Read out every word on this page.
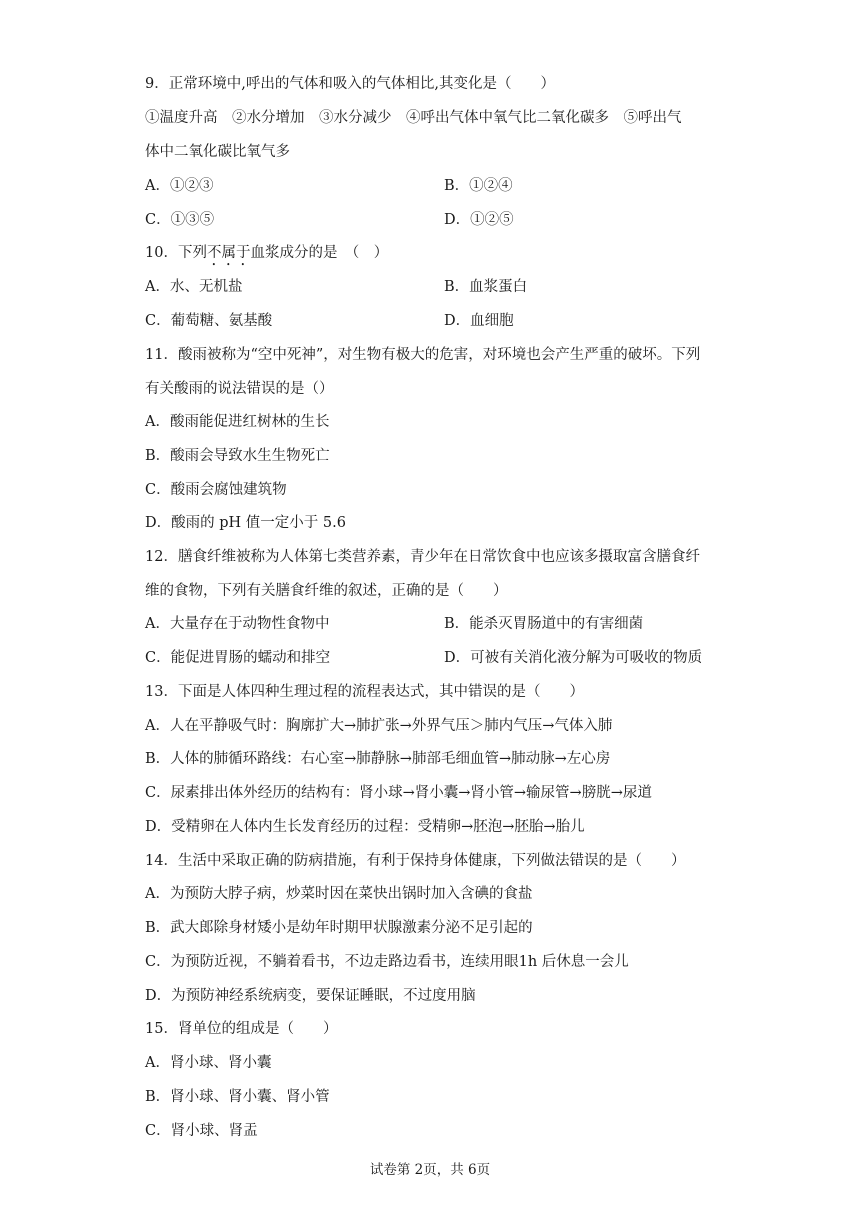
9．正常环境中,呼出的气体和吸入的气体相比,其变化是（　　）
①温度升高　②水分增加　③水分减少　④呼出气体中氧气比二氧化碳多　⑤呼出气
体中二氧化碳比氧气多
A．①②③	B．①②④
C．①③⑤	D．①②⑤
10．下列不属于血浆成分的是　（　）
A．水、无机盐	B．血浆蛋白
C．葡萄糖、氨基酸	D．血细胞
11．酸雨被称为“空中死神”，对生物有极大的危害，对环境也会产生严重的破坏。下列
有关酸雨的说法错误的是（）
A．酸雨能促进红树林的生长
B．酸雨会导致水生生物死亡
C．酸雨会腐蚀建筑物
D．酸雨的 pH 值一定小于 5.6
12．膳食纤维被称为人体第七类营养素，青少年在日常饮食中也应该多摄取富含膳食纤
维的食物，下列有关膳食纤维的叙述，正确的是（　　）
A．大量存在于动物性食物中	B．能杀灭胃肠道中的有害细菌
C．能促进胃肠的蠕动和排空	D．可被有关消化液分解为可吸收的物质
13．下面是人体四种生理过程的流程表达式，其中错误的是（　　）
A．人在平静吸气时：胸廓扩大→肺扩张→外界气压＞肺内气压→气体入肺
B．人体的肺循环路线：右心室→肺静脉→肺部毛细血管→肺动脉→左心房
C．尿素排出体外经历的结构有：肾小球→肾小囊→肾小管→输尿管→膀胱→尿道
D．受精卵在人体内生长发育经历的过程：受精卵→胚泡→胚胎→胎儿
14．生活中采取正确的防病措施，有利于保持身体健康，下列做法错误的是（　　）
A．为预防大脖子病，炒菜时因在菜快出锅时加入含碘的食盐
B．武大郎除身材矮小是幼年时期甲状腺激素分泌不足引起的
C．为预防近视，不躺着看书，不边走路边看书，连续用眼1h 后休息一会儿
D．为预防神经系统病变，要保证睡眠，不过度用脑
15．肾单位的组成是（　　）
A．肾小球、肾小囊
B．肾小球、肾小囊、肾小管
C．肾小球、肾盂
试卷第 2页，共 6页
